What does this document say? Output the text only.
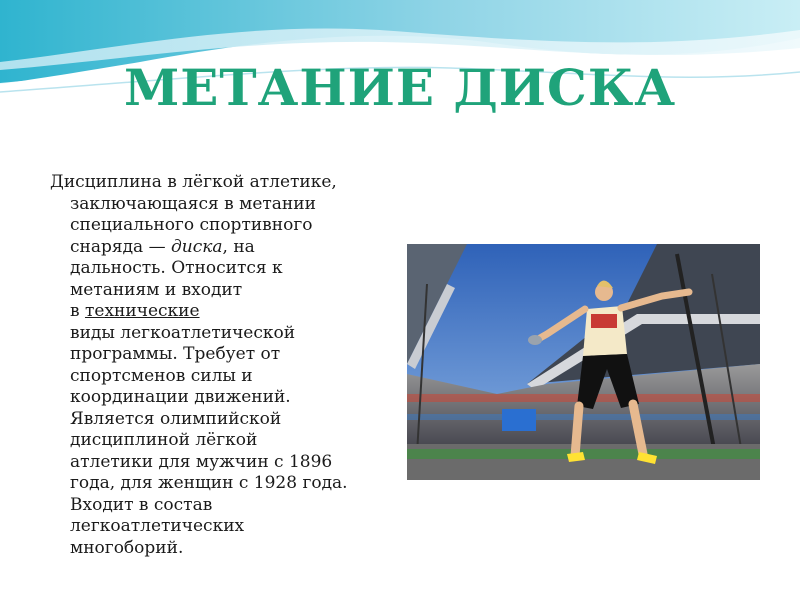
МЕТАНИЕ ДИСКА
Дисциплина в лёгкой атлетике,
заключающаяся в метании
специального спортивного
снаряда — диска, на
дальность. Относится к
метаниям и входит
в технические
виды легкоатлетической
программы. Требует от
спортсменов силы и
координации движений.
Является олимпийской
дисциплиной лёгкой
атлетики для мужчин с 1896
года, для женщин с 1928 года.
Входит в состав
легкоатлетических
многоборий.
